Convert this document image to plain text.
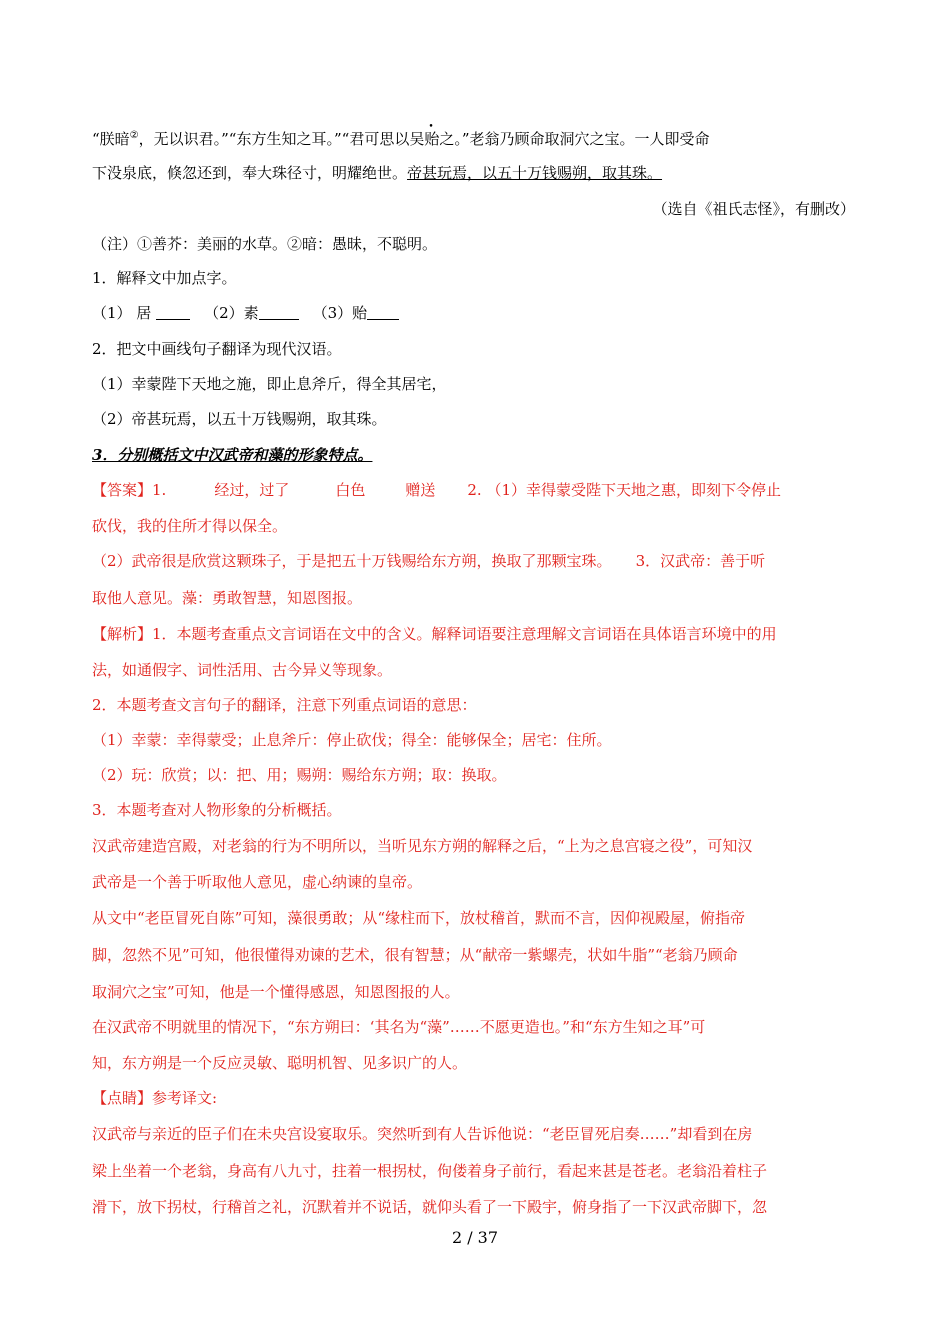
“朕暗②，无以识君。”“东方生知之耳。”“君可思以吴贻之。”老翁乃顾命取洞穴之宝。一人即受命
下没泉底，倏忽还到，奉大珠径寸，明耀绝世。帝甚玩焉，以五十万钱赐朔，取其珠。
（选自《祖氏志怪》，有删改）
（注）①善芥：美丽的水草。②暗：愚昧，不聪明。
1．解释文中加点字。
（1） 居	（2）素	（3）贻
2．把文中画线句子翻译为现代汉语。
（1）幸蒙陛下天地之施，即止息斧斤，得全其居宅，
（2）帝甚玩焉，以五十万钱赐朔，取其珠。
3．分别概括文中汉武帝和藻的形象特点。
【答案】1.	经过，过了	白色	赠送 2. （1）幸得蒙受陛下天地之惠，即刻下令停止
砍伐，我的住所才得以保全。
（2）武帝很是欣赏这颗珠子，于是把五十万钱赐给东方朔，换取了那颗宝珠。 3．汉武帝：善于听
取他人意见。藻：勇敢智慧，知恩图报。
【解析】1．本题考查重点文言词语在文中的含义。解释词语要注意理解文言词语在具体语言环境中的用
法，如通假字、词性活用、古今异义等现象。
2．本题考查文言句子的翻译，注意下列重点词语的意思：
（1）幸蒙：幸得蒙受；止息斧斤：停止砍伐；得全：能够保全；居宅：住所。
（2）玩：欣赏；以：把、用；赐朔：赐给东方朔；取：换取。
3．本题考查对人物形象的分析概括。
汉武帝建造宫殿，对老翁的行为不明所以，当听见东方朔的解释之后，“上为之息宫寝之役”，可知汉
武帝是一个善于听取他人意见，虚心纳谏的皇帝。
从文中“老臣冒死自陈”可知，藻很勇敢；从“缘柱而下，放杖稽首，默而不言，因仰视殿屋，俯指帝
脚，忽然不见”可知，他很懂得劝谏的艺术，很有智慧；从“献帝一紫螺壳，状如牛脂”“老翁乃顾命
取洞穴之宝”可知，他是一个懂得感恩，知恩图报的人。
在汉武帝不明就里的情况下，“东方朔曰：‘其名为“藻”……不愿更造也。”和“东方生知之耳”可
知，东方朔是一个反应灵敏、聪明机智、见多识广的人。
【点睛】参考译文:
汉武帝与亲近的臣子们在未央宫设宴取乐。突然听到有人告诉他说：“老臣冒死启奏……”却看到在房
梁上坐着一个老翁，身高有八九寸，拄着一根拐杖，佝偻着身子前行，看起来甚是苍老。老翁沿着柱子
滑下，放下拐杖，行稽首之礼，沉默着并不说话，就仰头看了一下殿宇，俯身指了一下汉武帝脚下，忽
2 / 37
